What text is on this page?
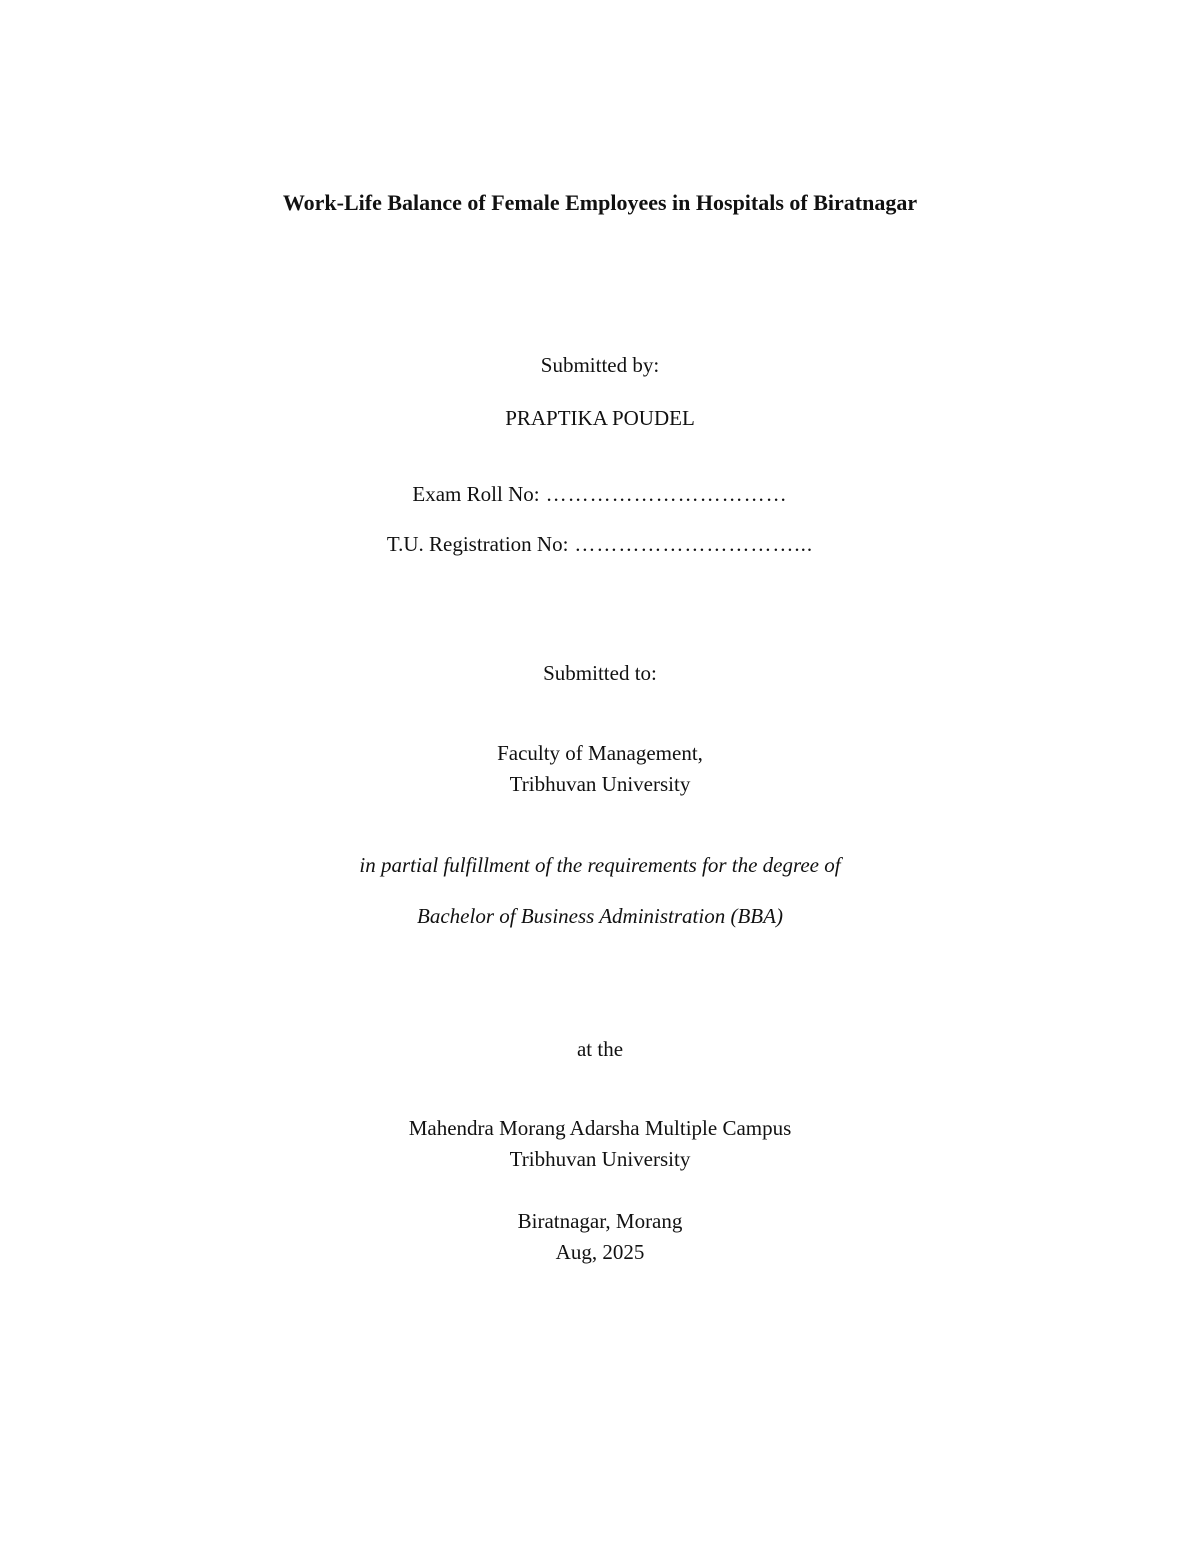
Work-Life Balance of Female Employees in Hospitals of Biratnagar
Submitted by:
PRAPTIKA POUDEL
Exam Roll No: ……………………………
T.U. Registration No: …………………………...
Submitted to:
Faculty of Management,
Tribhuvan University
in partial fulfillment of the requirements for the degree of
Bachelor of Business Administration (BBA)
at the
Mahendra Morang Adarsha Multiple Campus
Tribhuvan University
Biratnagar, Morang
Aug, 2025
